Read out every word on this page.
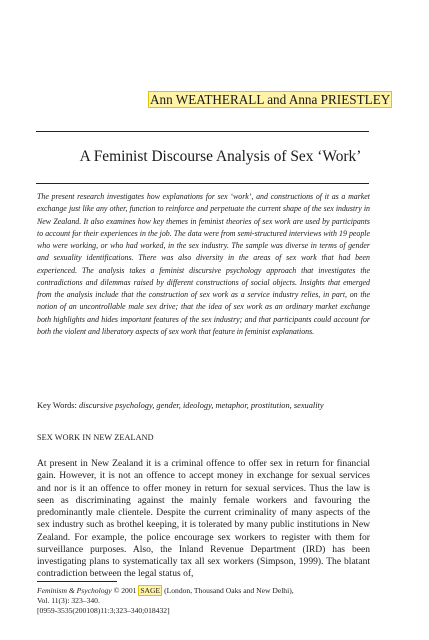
Ann WEATHERALL and Anna PRIESTLEY
A Feminist Discourse Analysis of Sex ‘Work’

The present research investigates how explanations for sex ‘work’, and constructions of it as a market exchange just like any other, function to reinforce and perpetuate the current shape of the sex industry in New Zealand. It also examines how key themes in feminist theories of sex work are used by participants to account for their experiences in the job. The data were from semi-structured interviews with 19 people who were working, or who had worked, in the sex industry. The sample was diverse in terms of gender and sexuality identifications. There was also diversity in the areas of sex work that had been experienced. The analysis takes a feminist discursive psychology approach that investigates the contradictions and dilemmas raised by different constructions of social objects. Insights that emerged from the analysis include that the construction of sex work as a service industry relies, in part, on the notion of an uncontrollable male sex drive; that the idea of sex work as an ordinary market exchange both highlights and hides important features of the sex industry; and that participants could account for both the violent and liberatory aspects of sex work that feature in feminist explanations.

Key Words: discursive psychology, gender, ideology, metaphor, prostitution, sexuality
SEX WORK IN NEW ZEALAND

At present in New Zealand it is a criminal offence to offer sex in return for financial gain. However, it is not an offence to accept money in exchange for sexual services and nor is it an offence to offer money in return for sexual services. Thus the law is seen as discriminating against the mainly female workers and favouring the predominantly male clientele. Despite the current criminality of many aspects of the sex industry such as brothel keeping, it is tolerated by many public institutions in New Zealand. For example, the police encourage sex workers to register with them for surveillance purposes. Also, the Inland Revenue Department (IRD) has been investigating plans to systematically tax all sex workers (Simpson, 1999). The blatant contradiction between the legal status of,

Feminism & Psychology © 2001 SAGE (London, Thousand Oaks and New Delhi),
Vol. 11(3): 323–340.
[0959-3535(200108)11:3;323–340;018432]
